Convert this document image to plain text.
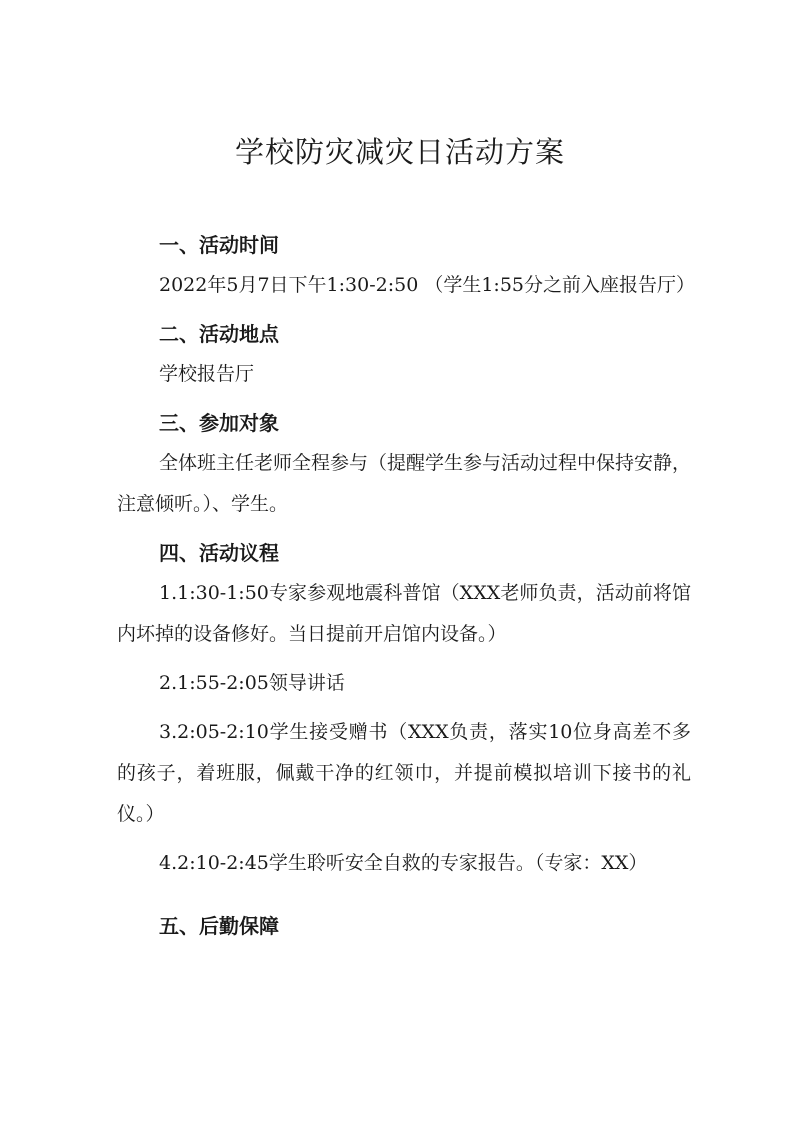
学校防灾减灾日活动方案
一、活动时间

2022年5月7日下午1:30-2:50 （学生1:55分之前入座报告厅）

二、活动地点

学校报告厅

三、参加对象

全体班主任老师全程参与（提醒学生参与活动过程中保持安静，注意倾听。）、学生。

四、活动议程

1.1:30-1:50专家参观地震科普馆（XXX老师负责，活动前将馆内坏掉的设备修好。当日提前开启馆内设备。）

2.1:55-2:05领导讲话

3.2:05-2:10学生接受赠书（XXX负责，落实10位身高差不多的孩子，着班服，佩戴干净的红领巾，并提前模拟培训下接书的礼仪。）

4.2:10-2:45学生聆听安全自救的专家报告。（专家：XX）

五、后勤保障
